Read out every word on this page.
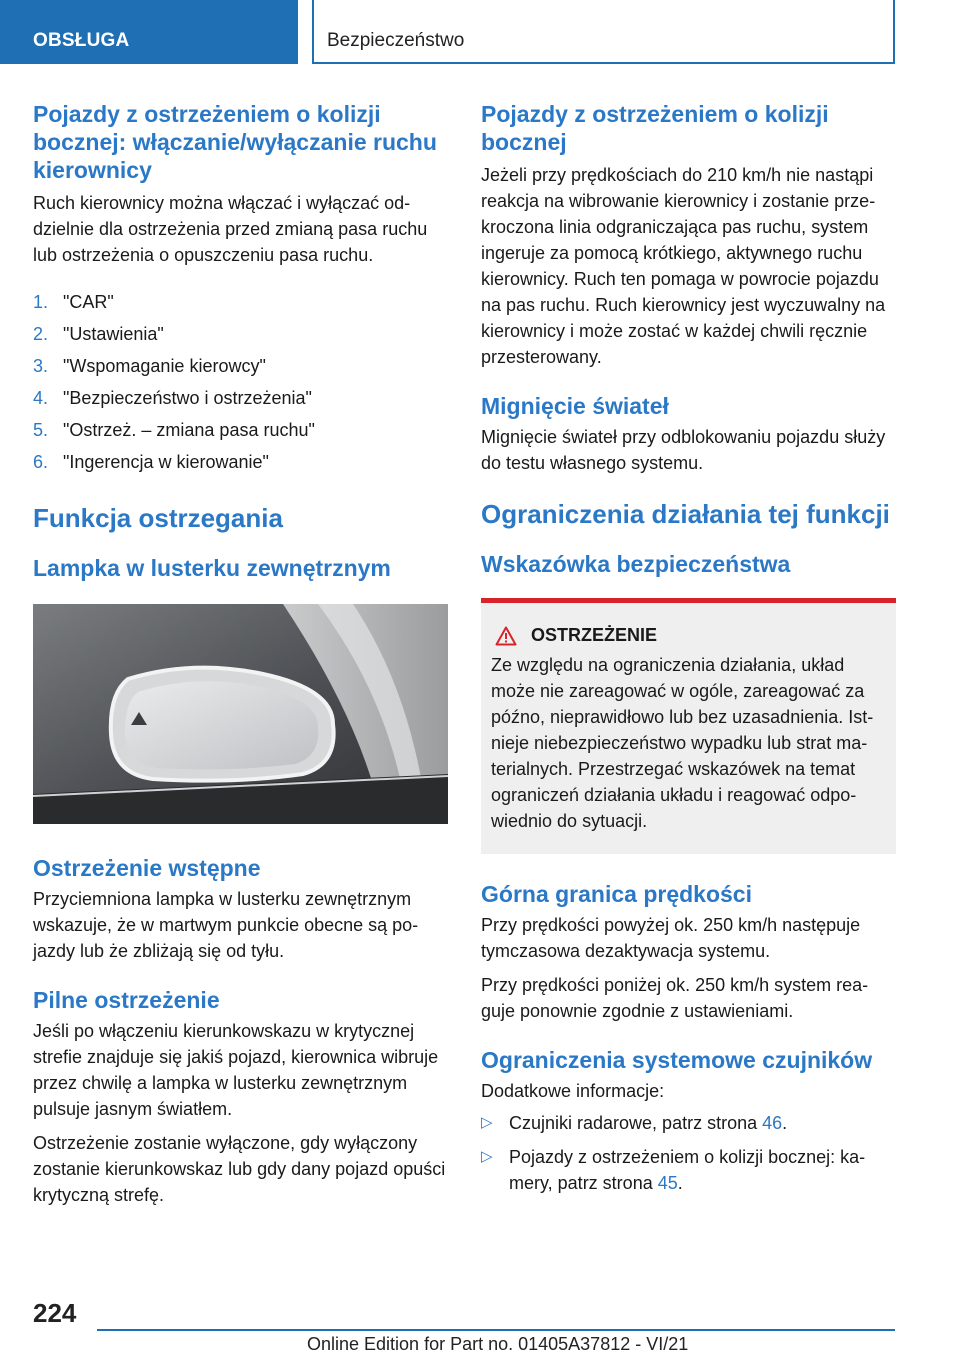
OBSŁUGA	Bezpieczeństwo
Pojazdy z ostrzeżeniem o kolizji bocznej: włączanie/wyłączanie ruchu kierownicy

Ruch kierownicy można włączać i wyłączać oddzielnie dla ostrzeżenia przed zmianą pasa ruchu lub ostrzeżenia o opuszczeniu pasa ruchu.

1. "CAR"
2. "Ustawienia"
3. "Wspomaganie kierowcy"
4. "Bezpieczeństwo i ostrzeżenia"
5. "Ostrzeż. – zmiana pasa ruchu"
6. "Ingerencja w kierowanie"
Funkcja ostrzegania
Lampka w lusterku zewnętrznym
Ostrzeżenie wstępne

Przyciemniona lampka w lusterku zewnętrznym wskazuje, że w martwym punkcie obecne są pojazdy lub że zbliżają się od tyłu.

Pilne ostrzeżenie

Jeśli po włączeniu kierunkowskazu w krytycznej strefie znajduje się jakiś pojazd, kierownica wibruje przez chwilę a lampka w lusterku zewnętrznym pulsuje jasnym światłem.

Ostrzeżenie zostanie wyłączone, gdy wyłączony zostanie kierunkowskaz lub gdy dany pojazd opuści krytyczną strefę.

Pojazdy z ostrzeżeniem o kolizji bocznej

Jeżeli przy prędkościach do 210 km/h nie nastąpi reakcja na wibrowanie kierownicy i zostanie przekroczona linia odgraniczająca pas ruchu, system ingeruje za pomocą krótkiego, aktywnego ruchu kierownicy. Ruch ten pomaga w powrocie pojazdu na pas ruchu. Ruch kierownicy jest wyczuwalny na kierownicy i może zostać w każdej chwili ręcznie przesterowany.

Mignięcie świateł

Mignięcie świateł przy odblokowaniu pojazdu służy do testu własnego systemu.

Ograniczenia działania tej funkcji
Wskazówka bezpieczeństwa
OSTRZEŻENIE

Ze względu na ograniczenia działania, układ może nie zareagować w ogóle, zareagować za późno, nieprawidłowo lub bez uzasadnienia. Istnieje niebezpieczeństwo wypadku lub strat materialnych. Przestrzegać wskazówek na temat ograniczeń działania układu i reagować odpowiednio do sytuacji.

Górna granica prędkości

Przy prędkości powyżej ok. 250 km/h następuje tymczasowa dezaktywacja systemu.

Przy prędkości poniżej ok. 250 km/h system reaguje ponownie zgodnie z ustawieniami.

Ograniczenia systemowe czujników

Dodatkowe informacje:

▷ Czujniki radarowe, patrz strona 46.
▷ Pojazdy z ostrzeżeniem o kolizji bocznej: kamery, patrz strona 45.
224
Online Edition for Part no. 01405A37812 - VI/21
